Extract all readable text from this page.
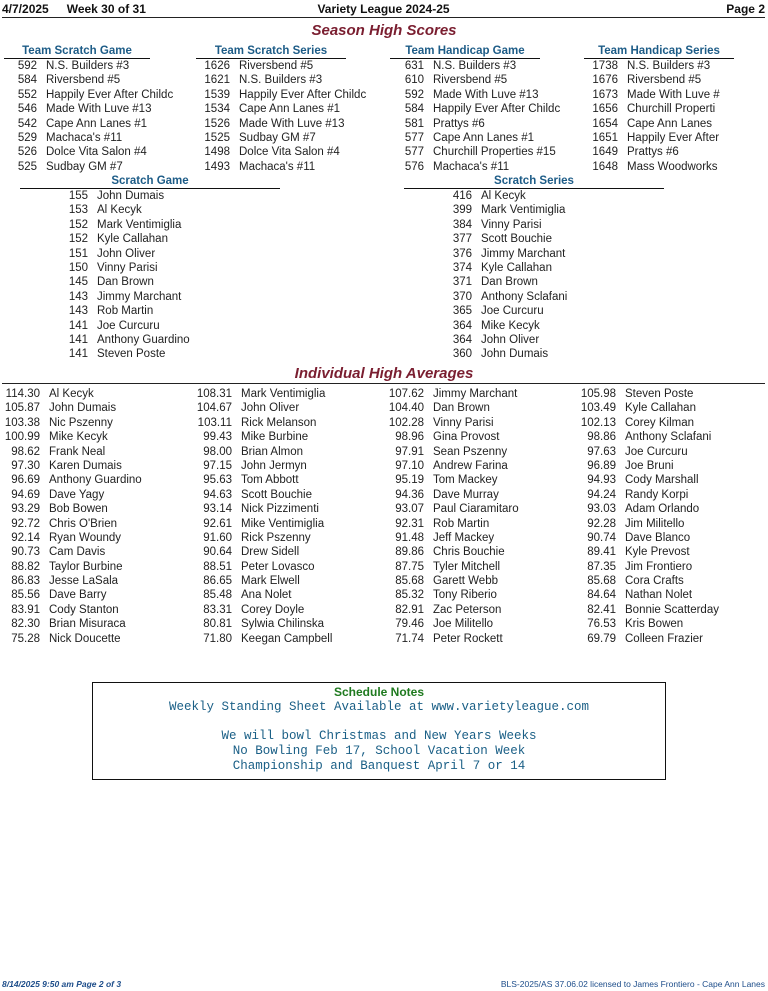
4/7/2025 Week 30 of 31	Variety League 2024-25	Page 2
Season High Scores
Team Scratch Game	Team Scratch Series	Team Handicap Game	Team Handicap Series
592 N.S. Builders #3
584 Riversbend #5
552 Happily Ever After Childc
546 Made With Luve #13
542 Cape Ann Lanes #1
529 Machaca's #11
526 Dolce Vita Salon #4
525 Sudbay GM #7
1626 Riversbend #5
1621 N.S. Builders #3
1539 Happily Ever After Childc
1534 Cape Ann Lanes #1
1526 Made With Luve #13
1525 Sudbay GM #7
1498 Dolce Vita Salon #4
1493 Machaca's #11
631 N.S. Builders #3
610 Riversbend #5
592 Made With Luve #13
584 Happily Ever After Childc
581 Prattys #6
577 Cape Ann Lanes #1
577 Churchill Properties #15
576 Machaca's #11
1738 N.S. Builders #3
1676 Riversbend #5
1673 Made With Luve #
1656 Churchill Properti
1654 Cape Ann Lanes
1651 Happily Ever After
1649 Prattys #6
1648 Mass Woodworks
Scratch Game	Scratch Series
155 John Dumais
153 Al Kecyk
152 Mark Ventimiglia
152 Kyle Callahan
151 John Oliver
150 Vinny Parisi
145 Dan Brown
143 Jimmy Marchant
143 Rob Martin
141 Joe Curcuru
141 Anthony Guardino
141 Steven Poste
416 Al Kecyk
399 Mark Ventimiglia
384 Vinny Parisi
377 Scott Bouchie
376 Jimmy Marchant
374 Kyle Callahan
371 Dan Brown
370 Anthony Sclafani
365 Joe Curcuru
364 Mike Kecyk
364 John Oliver
360 John Dumais
Individual High Averages
114.30 Al Kecyk
105.87 John Dumais
103.38 Nic Pszenny
100.99 Mike Kecyk
98.62 Frank Neal
97.30 Karen Dumais
96.69 Anthony Guardino
94.69 Dave Yagy
93.29 Bob Bowen
92.72 Chris O'Brien
92.14 Ryan Woundy
90.73 Cam Davis
88.82 Taylor Burbine
86.83 Jesse LaSala
85.56 Dave Barry
83.91 Cody Stanton
82.30 Brian Misuraca
75.28 Nick Doucette
108.31 Mark Ventimiglia
104.67 John Oliver
103.11 Rick Melanson
99.43 Mike Burbine
98.00 Brian Almon
97.15 John Jermyn
95.63 Tom Abbott
94.63 Scott Bouchie
93.14 Nick Pizzimenti
92.61 Mike Ventimiglia
91.60 Rick Pszenny
90.64 Drew Sidell
88.51 Peter Lovasco
86.65 Mark Elwell
85.48 Ana Nolet
83.31 Corey Doyle
80.81 Sylwia Chilinska
71.80 Keegan Campbell
107.62 Jimmy Marchant
104.40 Dan Brown
102.28 Vinny Parisi
98.96 Gina Provost
97.91 Sean Pszenny
97.10 Andrew Farina
95.19 Tom Mackey
94.36 Dave Murray
93.07 Paul Ciaramitaro
92.31 Rob Martin
91.48 Jeff Mackey
89.86 Chris Bouchie
87.75 Tyler Mitchell
85.68 Garett Webb
85.32 Tony Riberio
82.91 Zac Peterson
79.46 Joe Militello
71.74 Peter Rockett
105.98 Steven Poste
103.49 Kyle Callahan
102.13 Corey Kilman
98.86 Anthony Sclafani
97.63 Joe Curcuru
96.89 Joe Bruni
94.93 Cody Marshall
94.24 Randy Korpi
93.03 Adam Orlando
92.28 Jim Militello
90.74 Dave Blanco
89.41 Kyle Prevost
87.35 Jim Frontiero
85.68 Cora Crafts
84.64 Nathan Nolet
82.41 Bonnie Scatterday
76.53 Kris Bowen
69.79 Colleen Frazier
Schedule Notes
Weekly Standing Sheet Available at www.varietyleague.com
We will bowl Christmas and New Years Weeks
No Bowling Feb 17, School Vacation Week
Championship and Banquest April 7 or 14
8/14/2025 9:50 am Page 2 of 3	BLS-2025/AS 37.06.02 licensed to James Frontiero - Cape Ann Lanes
